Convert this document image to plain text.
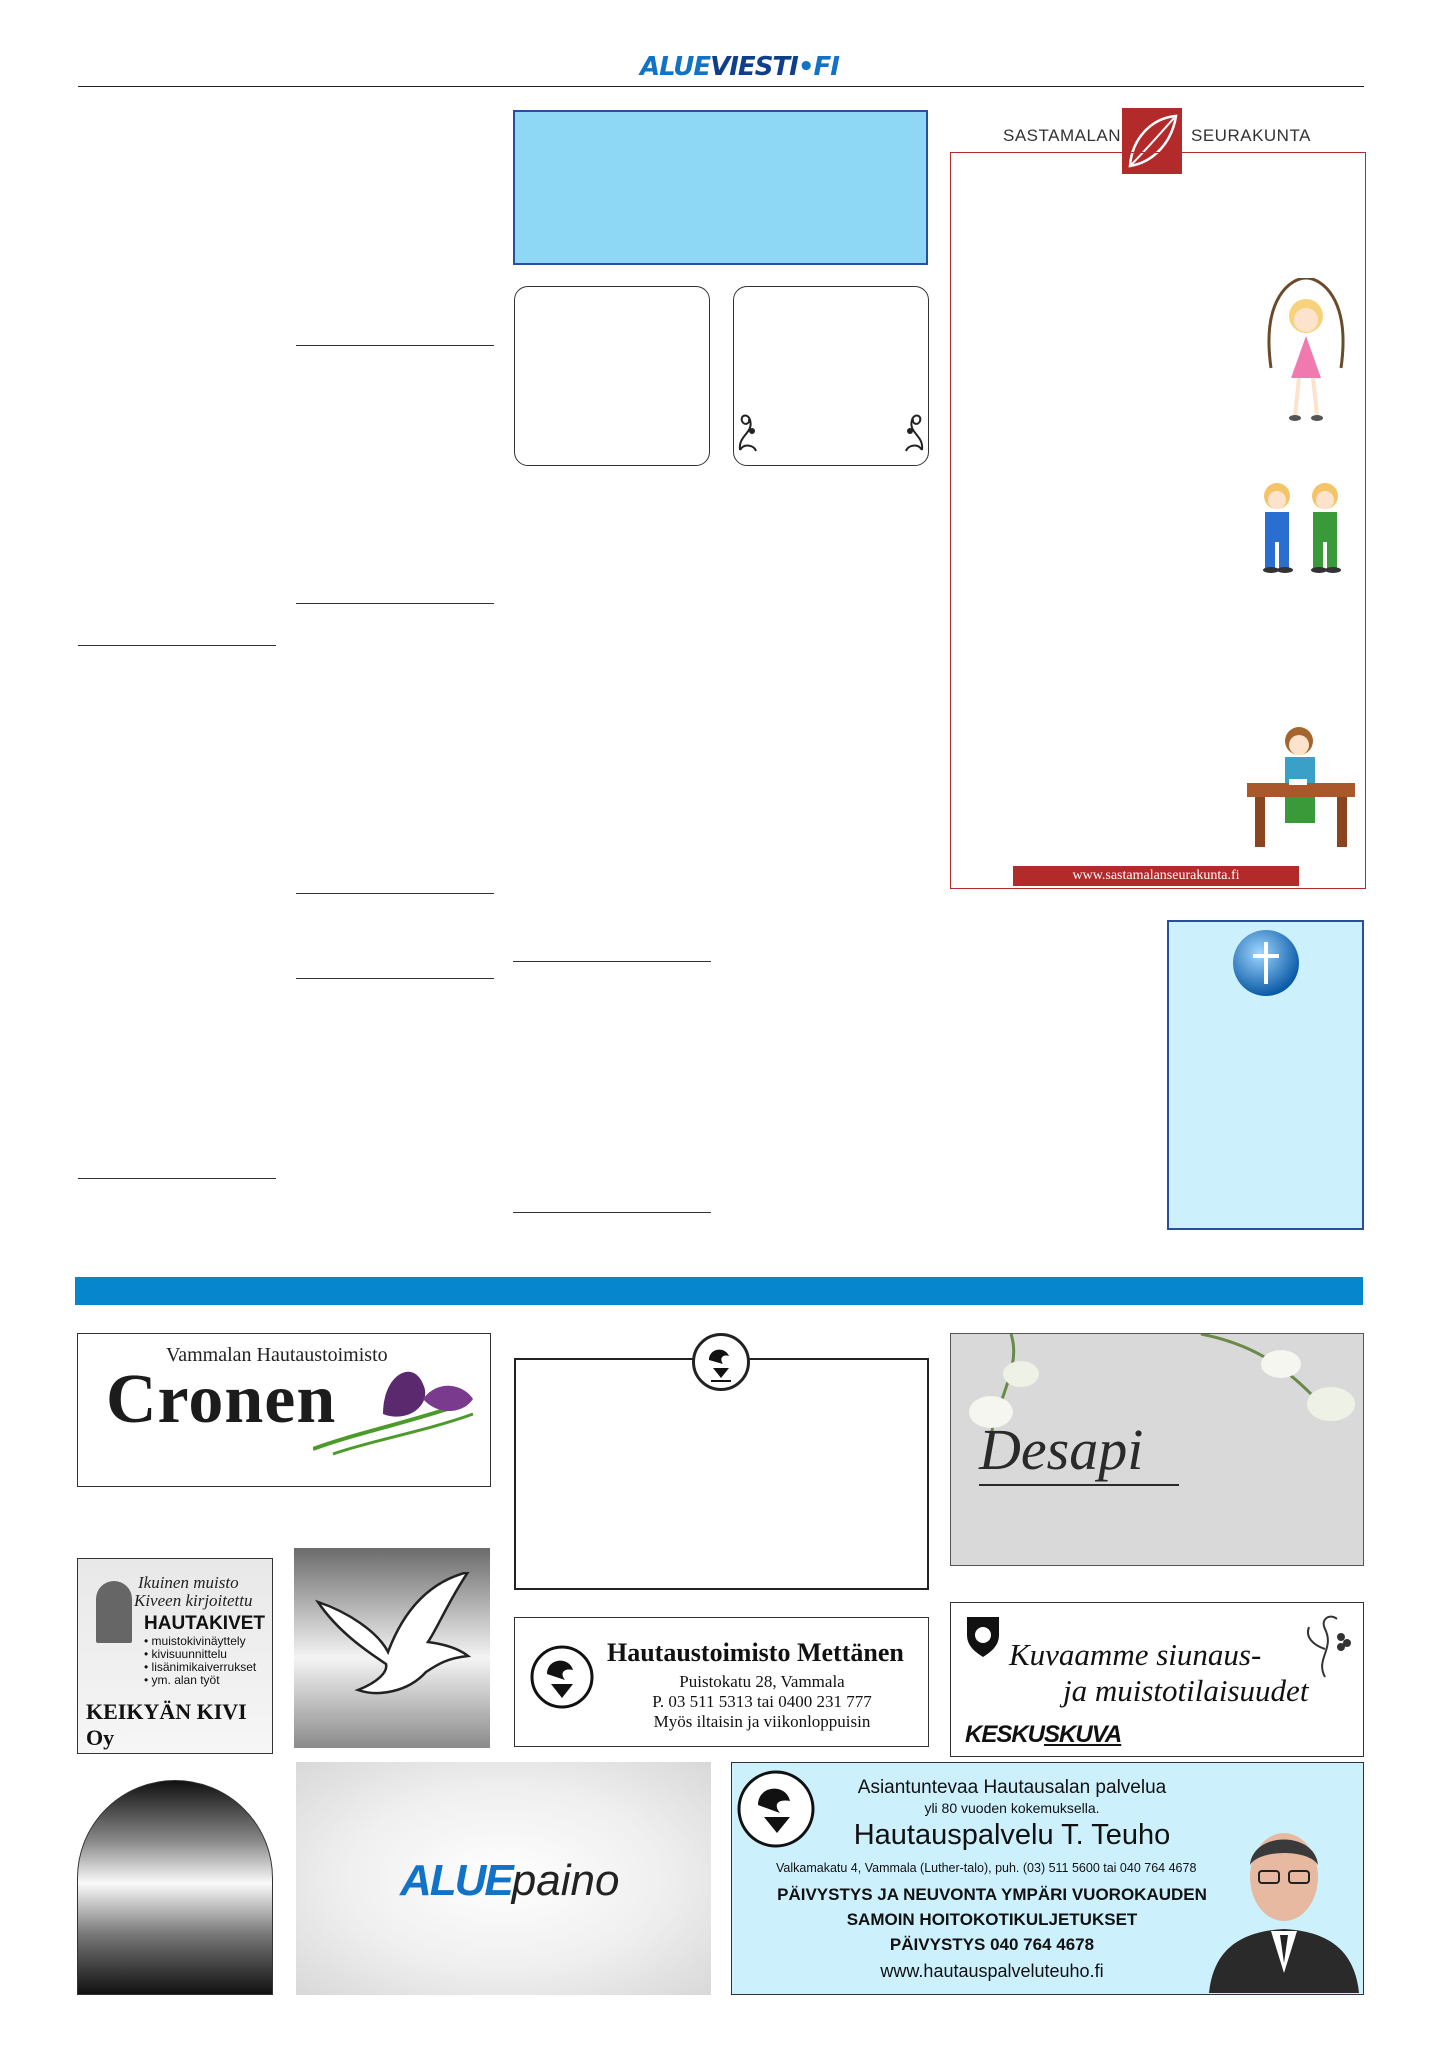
ALUEVIESTI•FI
SASTAMALAN	SEURAKUNTA
www.sastamalanseurakunta.fi
Vammalan Hautaustoimisto
Cronen
Desapi
Ikuinen muisto
Kiveen kirjoitettu
HAUTAKIVET
• muistokivinäyttely
• kivisuunnittelu
• lisänimikaiverrukset
• ym. alan työt
KEIKYÄN KIVI Oy
Hautaustoimisto Mettänen
Puistokatu 28, Vammala
P. 03 511 5313 tai 0400 231 777
Myös iltaisin ja viikonloppuisin
Kuvaamme siunaus-
ja muistotilaisuudet
KESKUSKUVA
ALUEpaino
Asiantuntevaa Hautausalan palvelua
yli 80 vuoden kokemuksella.
Hautauspalvelu T. Teuho
Valkamakatu 4, Vammala (Luther-talo), puh. (03) 511 5600 tai 040 764 4678
PÄIVYSTYS JA NEUVONTA YMPÄRI VUOROKAUDEN
SAMOIN HOITOKOTIKULJETUKSET
PÄIVYSTYS 040 764 4678
www.hautauspalveluteuho.fi
